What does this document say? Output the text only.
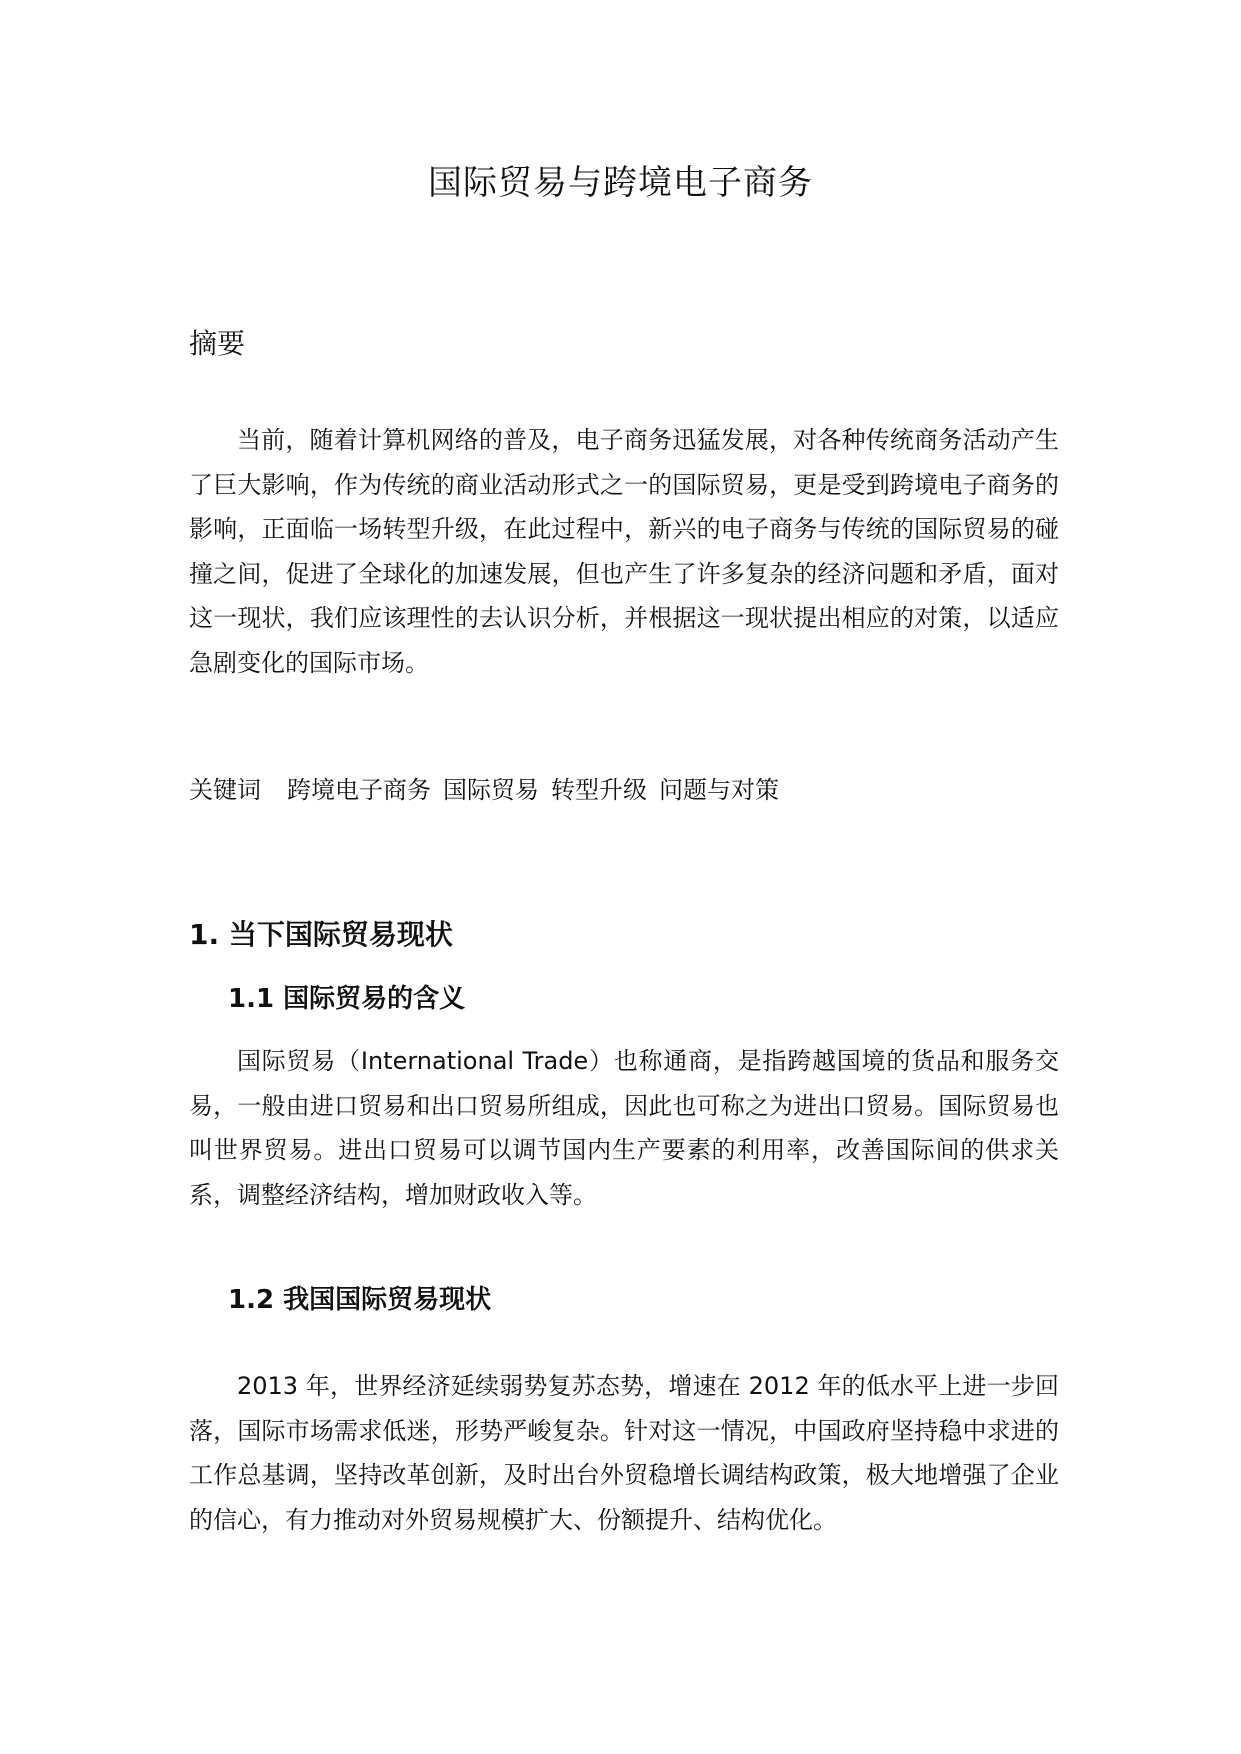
国际贸易与跨境电子商务
摘要

当前，随着计算机网络的普及，电子商务迅猛发展，对各种传统商务活动产生了巨大影响，作为传统的商业活动形式之一的国际贸易，更是受到跨境电子商务的影响，正面临一场转型升级，在此过程中，新兴的电子商务与传统的国际贸易的碰撞之间，促进了全球化的加速发展，但也产生了许多复杂的经济问题和矛盾，面对这一现状，我们应该理性的去认识分析，并根据这一现状提出相应的对策，以适应急剧变化的国际市场。

关键词 跨境电子商务 国际贸易 转型升级 问题与对策
1. 当下国际贸易现状
1.1 国际贸易的含义

国际贸易（International Trade）也称通商，是指跨越国境的货品和服务交易，一般由进口贸易和出口贸易所组成，因此也可称之为进出口贸易。国际贸易也叫世界贸易。进出口贸易可以调节国内生产要素的利用率，改善国际间的供求关系，调整经济结构，增加财政收入等。

1.2 我国国际贸易现状

2013 年，世界经济延续弱势复苏态势，增速在 2012 年的低水平上进一步回落，国际市场需求低迷，形势严峻复杂。针对这一情况，中国政府坚持稳中求进的工作总基调，坚持改革创新，及时出台外贸稳增长调结构政策，极大地增强了企业的信心，有力推动对外贸易规模扩大、份额提升、结构优化。
